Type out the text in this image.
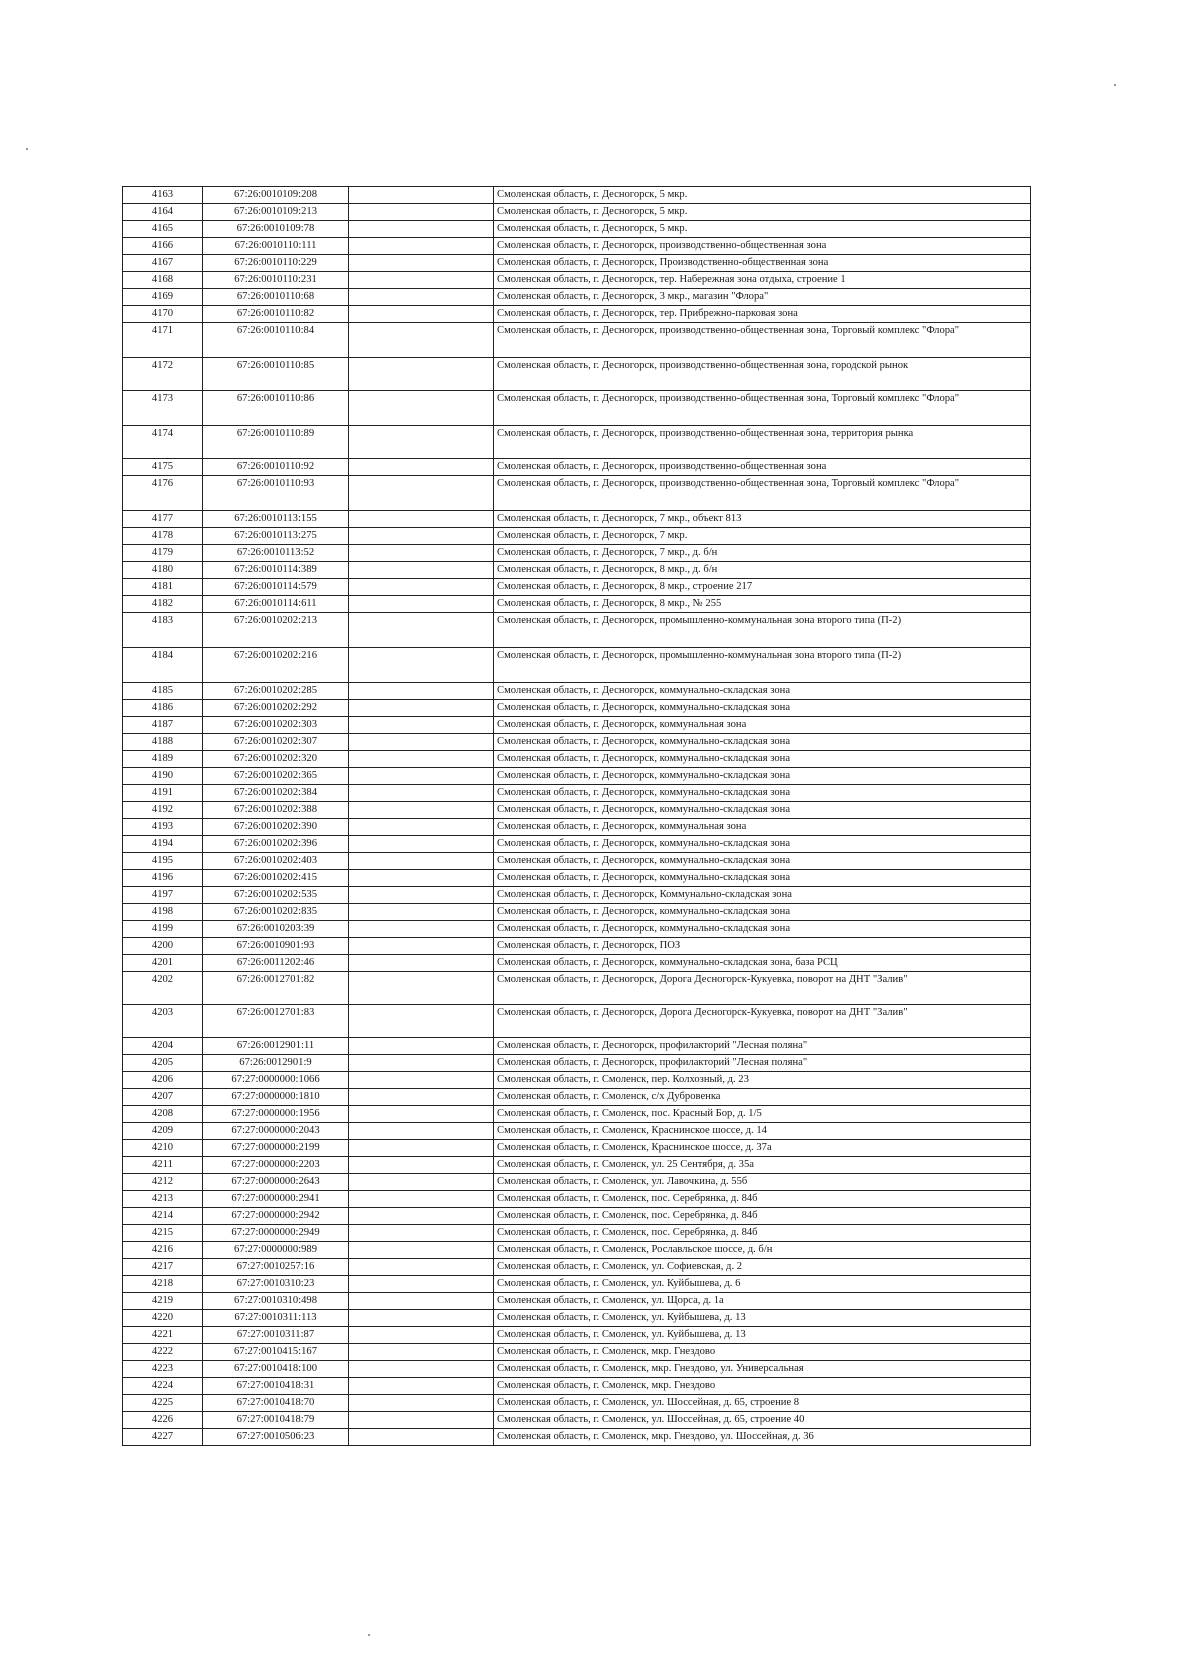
4163	67:26:0010109:208		Смоленская область, г. Десногорск, 5 мкр.
4164	67:26:0010109:213		Смоленская область, г. Десногорск, 5 мкр.
4165	67:26:0010109:78		Смоленская область, г. Десногорск, 5 мкр.
4166	67:26:0010110:111		Смоленская область, г. Десногорск, производственно-общественная зона
4167	67:26:0010110:229		Смоленская область, г. Десногорск, Производственно-общественная зона
4168	67:26:0010110:231		Смоленская область, г. Десногорск, тер. Набережная зона отдыха, строение 1
4169	67:26:0010110:68		Смоленская область, г. Десногорск, 3 мкр., магазин "Флора"
4170	67:26:0010110:82		Смоленская область, г. Десногорск, тер. Прибрежно-парковая зона
4171	67:26:0010110:84		Смоленская область, г. Десногорск, производственно-общественная зона, Торговый комплекс "Флора"
4172	67:26:0010110:85		Смоленская область, г. Десногорск, производственно-общественная зона, городской рынок
4173	67:26:0010110:86		Смоленская область, г. Десногорск, производственно-общественная зона, Торговый комплекс "Флора"
4174	67:26:0010110:89		Смоленская область, г. Десногорск, производственно-общественная зона, территория рынка
4175	67:26:0010110:92		Смоленская область, г. Десногорск, производственно-общественная зона
4176	67:26:0010110:93		Смоленская область, г. Десногорск, производственно-общественная зона, Торговый комплекс "Флора"
4177	67:26:0010113:155		Смоленская область, г. Десногорск, 7 мкр., объект 813
4178	67:26:0010113:275		Смоленская область, г. Десногорск, 7 мкр.
4179	67:26:0010113:52		Смоленская область, г. Десногорск, 7 мкр., д. б/н
4180	67:26:0010114:389		Смоленская область, г. Десногорск, 8 мкр., д. б/н
4181	67:26:0010114:579		Смоленская область, г. Десногорск, 8 мкр., строение 217
4182	67:26:0010114:611		Смоленская область, г. Десногорск, 8 мкр., № 255
4183	67:26:0010202:213		Смоленская область, г. Десногорск, промышленно-коммунальная зона второго типа (П-2)
4184	67:26:0010202:216		Смоленская область, г. Десногорск, промышленно-коммунальная зона второго типа (П-2)
4185	67:26:0010202:285		Смоленская область, г. Десногорск, коммунально-складская зона
4186	67:26:0010202:292		Смоленская область, г. Десногорск, коммунально-складская зона
4187	67:26:0010202:303		Смоленская область, г. Десногорск, коммунальная зона
4188	67:26:0010202:307		Смоленская область, г. Десногорск, коммунально-складская зона
4189	67:26:0010202:320		Смоленская область, г. Десногорск, коммунально-складская зона
4190	67:26:0010202:365		Смоленская область, г. Десногорск, коммунально-складская зона
4191	67:26:0010202:384		Смоленская область, г. Десногорск, коммунально-складская зона
4192	67:26:0010202:388		Смоленская область, г. Десногорск, коммунально-складская зона
4193	67:26:0010202:390		Смоленская область, г. Десногорск, коммунальная зона
4194	67:26:0010202:396		Смоленская область, г. Десногорск, коммунально-складская зона
4195	67:26:0010202:403		Смоленская область, г. Десногорск, коммунально-складская зона
4196	67:26:0010202:415		Смоленская область, г. Десногорск, коммунально-складская зона
4197	67:26:0010202:535		Смоленская область, г. Десногорск, Коммунально-складская зона
4198	67:26:0010202:835		Смоленская область, г. Десногорск, коммунально-складская зона
4199	67:26:0010203:39		Смоленская область, г. Десногорск, коммунально-складская зона
4200	67:26:0010901:93		Смоленская область, г. Десногорск, ПОЗ
4201	67:26:0011202:46		Смоленская область, г. Десногорск, коммунально-складская зона, база РСЦ
4202	67:26:0012701:82		Смоленская область, г. Десногорск, Дорога Десногорск-Кукуевка, поворот на ДНТ "Залив"
4203	67:26:0012701:83		Смоленская область, г. Десногорск, Дорога Десногорск-Кукуевка, поворот на ДНТ "Залив"
4204	67:26:0012901:11		Смоленская область, г. Десногорск, профилакторий "Лесная поляна"
4205	67:26:0012901:9		Смоленская область, г. Десногорск, профилакторий "Лесная поляна"
4206	67:27:0000000:1066		Смоленская область, г. Смоленск, пер. Колхозный, д. 23
4207	67:27:0000000:1810		Смоленская область, г. Смоленск, с/х Дубровенка
4208	67:27:0000000:1956		Смоленская область, г. Смоленск, пос. Красный Бор, д. 1/5
4209	67:27:0000000:2043		Смоленская область, г. Смоленск, Краснинское шоссе, д. 14
4210	67:27:0000000:2199		Смоленская область, г. Смоленск, Краснинское шоссе, д. 37а
4211	67:27:0000000:2203		Смоленская область, г. Смоленск, ул. 25 Сентября, д. 35а
4212	67:27:0000000:2643		Смоленская область, г. Смоленск, ул. Лавочкина, д. 55б
4213	67:27:0000000:2941		Смоленская область, г. Смоленск, пос. Серебрянка, д. 84б
4214	67:27:0000000:2942		Смоленская область, г. Смоленск, пос. Серебрянка, д. 84б
4215	67:27:0000000:2949		Смоленская область, г. Смоленск, пос. Серебрянка, д. 84б
4216	67:27:0000000:989		Смоленская область, г. Смоленск, Рославльское шоссе, д. б/н
4217	67:27:0010257:16		Смоленская область, г. Смоленск, ул. Софиевская, д. 2
4218	67:27:0010310:23		Смоленская область, г. Смоленск, ул. Куйбышева, д. 6
4219	67:27:0010310:498		Смоленская область, г. Смоленск, ул. Щорса, д. 1а
4220	67:27:0010311:113		Смоленская область, г. Смоленск, ул. Куйбышева, д. 13
4221	67:27:0010311:87		Смоленская область, г. Смоленск, ул. Куйбышева, д. 13
4222	67:27:0010415:167		Смоленская область, г. Смоленск, мкр. Гнездово
4223	67:27:0010418:100		Смоленская область, г. Смоленск, мкр. Гнездово, ул. Универсальная
4224	67:27:0010418:31		Смоленская область, г. Смоленск, мкр. Гнездово
4225	67:27:0010418:70		Смоленская область, г. Смоленск, ул. Шоссейная, д. 65, строение 8
4226	67:27:0010418:79		Смоленская область, г. Смоленск, ул. Шоссейная, д. 65, строение 40
4227	67:27:0010506:23		Смоленская область, г. Смоленск, мкр. Гнездово, ул. Шоссейная, д. 36
